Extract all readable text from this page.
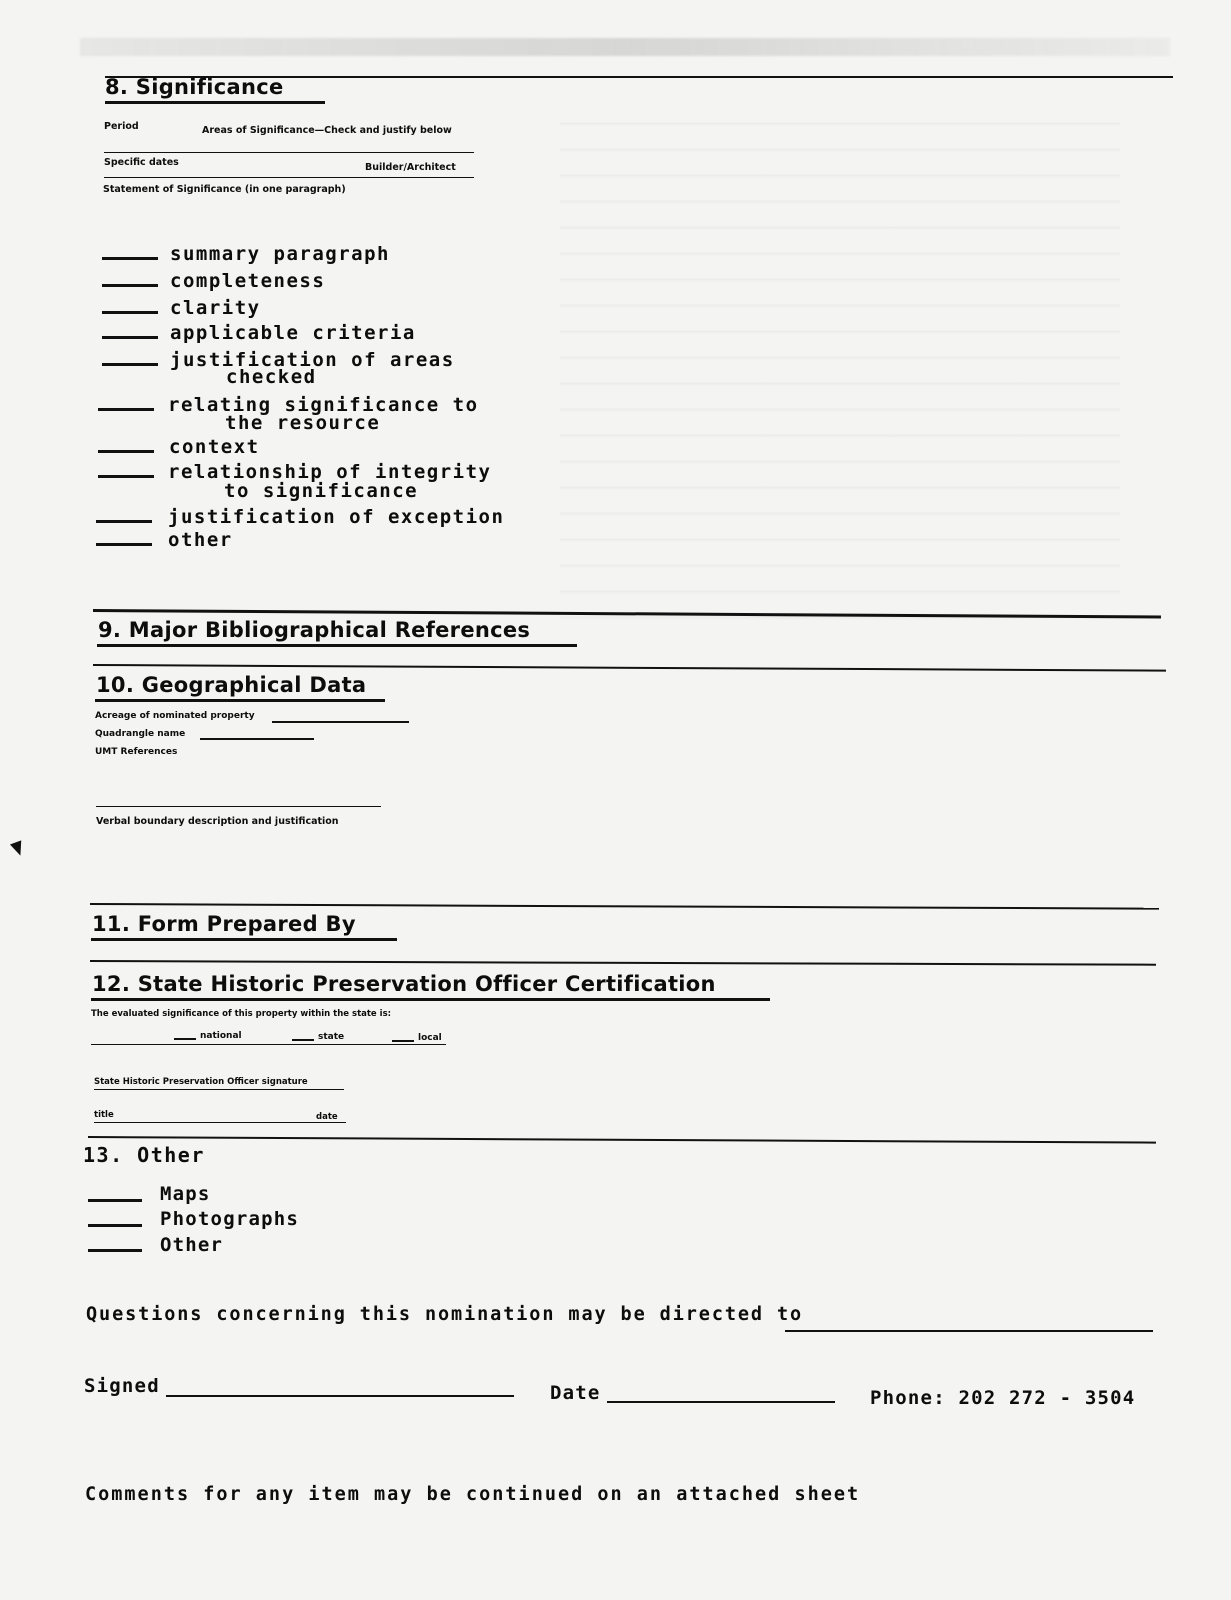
8. Significance
Period	Areas of Significance—Check and justify below
Specific dates	Builder/Architect
Statement of Significance (in one paragraph)
summary paragraph
completeness
clarity
applicable criteria
justification of areas
checked
relating significance to
the resource
context
relationship of integrity
to significance
justification of exception
other
9. Major Bibliographical References
10. Geographical Data
Acreage of nominated property
Quadrangle name
UMT References
Verbal boundary description and justification
11. Form Prepared By
12. State Historic Preservation Officer Certification
The evaluated significance of this property within the state is:
national	state	local
State Historic Preservation Officer signature
title	date
13. Other
Maps
Photographs
Other
Questions concerning this nomination may be directed to
Signed	Date	Phone: 202 272 - 3504
Comments for any item may be continued on an attached sheet
